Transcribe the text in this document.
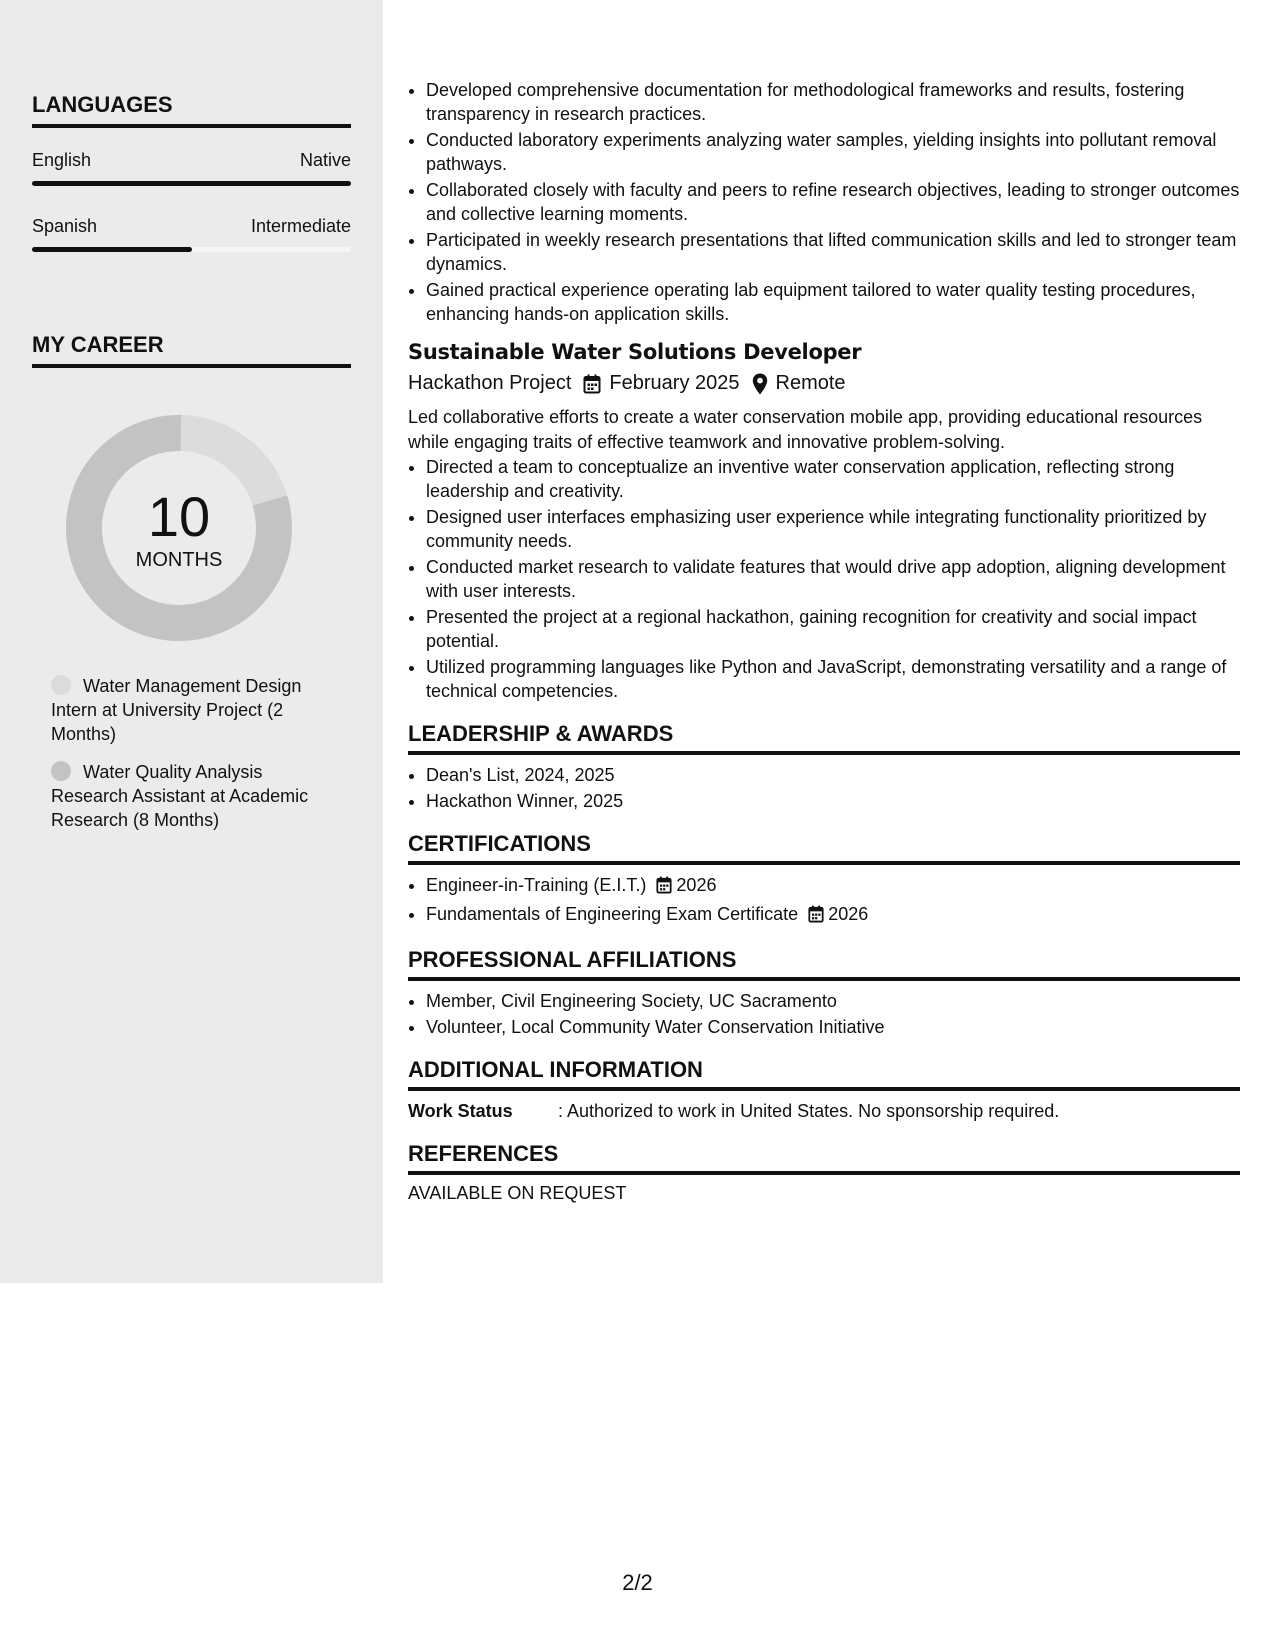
LANGUAGES
English	Native
Spanish	Intermediate
MY CAREER
10
MONTHS
Water Management Design Intern at University Project (2 Months)
Water Quality Analysis Research Assistant at Academic Research (8 Months)
• Developed comprehensive documentation for methodological frameworks and results, fostering transparency in research practices.
• Conducted laboratory experiments analyzing water samples, yielding insights into pollutant removal pathways.
• Collaborated closely with faculty and peers to refine research objectives, leading to stronger outcomes and collective learning moments.
• Participated in weekly research presentations that lifted communication skills and led to stronger team dynamics.
• Gained practical experience operating lab equipment tailored to water quality testing procedures, enhancing hands-on application skills.
Sustainable Water Solutions Developer
Hackathon Project February 2025 Remote
Led collaborative efforts to create a water conservation mobile app, providing educational resources while engaging traits of effective teamwork and innovative problem-solving.
• Directed a team to conceptualize an inventive water conservation application, reflecting strong leadership and creativity.
• Designed user interfaces emphasizing user experience while integrating functionality prioritized by community needs.
• Conducted market research to validate features that would drive app adoption, aligning development with user interests.
• Presented the project at a regional hackathon, gaining recognition for creativity and social impact potential.
• Utilized programming languages like Python and JavaScript, demonstrating versatility and a range of technical competencies.
LEADERSHIP & AWARDS
• Dean's List, 2024, 2025
• Hackathon Winner, 2025
CERTIFICATIONS
• Engineer-in-Training (E.I.T.) 2026
• Fundamentals of Engineering Exam Certificate 2026
PROFESSIONAL AFFILIATIONS
• Member, Civil Engineering Society, UC Sacramento
• Volunteer, Local Community Water Conservation Initiative
ADDITIONAL INFORMATION
Work Status	: Authorized to work in United States. No sponsorship required.
REFERENCES
AVAILABLE ON REQUEST
2/2
